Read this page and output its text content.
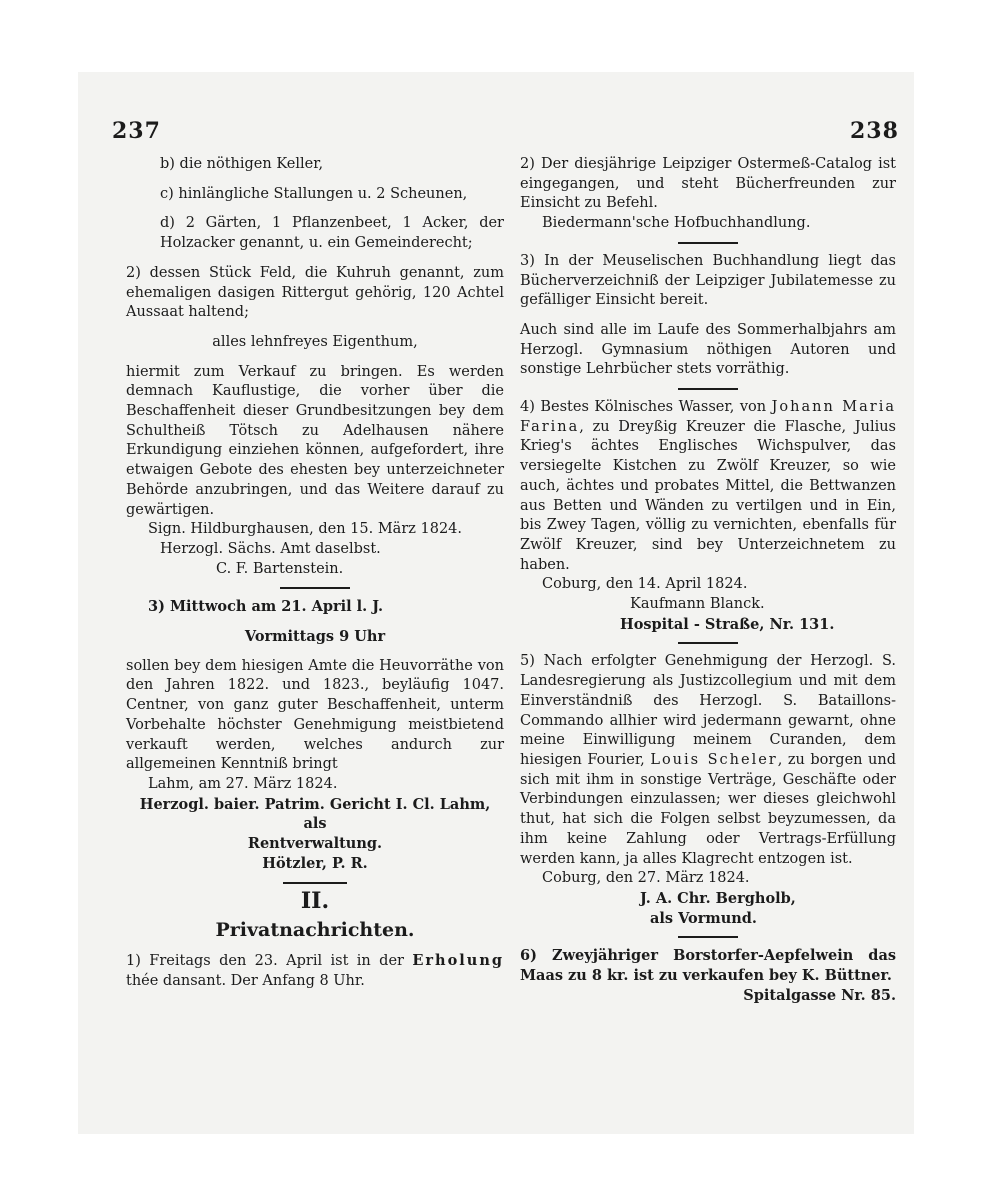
237	238

b) die nöthigen Keller,

c) hinlängliche Stallungen u. 2 Scheunen,

d) 2 Gärten, 1 Pflanzenbeet, 1 Acker, der Holzacker genannt, u. ein Gemeinderecht;

2) dessen Stück Feld, die Kuhruh genannt, zum ehemaligen dasigen Rittergut gehörig, 120 Achtel Aussaat haltend;

alles lehnfreyes Eigenthum,

hiermit zum Verkauf zu bringen. Es werden demnach Kauflustige, die vorher über die Beschaffenheit dieser Grundbesitzungen bey dem Schultheiß Tötsch zu Adelhausen nähere Erkundigung einziehen können, aufgefordert, ihre etwaigen Gebote des ehesten bey unterzeichneter Behörde anzubringen, und das Weitere darauf zu gewärtigen.

Sign. Hildburghausen, den 15. März 1824.

Herzogl. Sächs. Amt daselbst.

C. F. Bartenstein.

3) Mittwoch am 21. April l. J.

Vormittags 9 Uhr

sollen bey dem hiesigen Amte die Heuvorräthe von den Jahren 1822. und 1823., beyläufig 1047. Centner, von ganz guter Beschaffenheit, unterm Vorbehalte höchster Genehmigung meistbietend verkauft werden, welches andurch zur allgemeinen Kenntniß bringt

Lahm, am 27. März 1824.

Herzogl. baier. Patrim. Gericht I. Cl. Lahm,

als

Rentverwaltung.

Hötzler, P. R.

II.
Privatnachrichten.

1) Freitags den 23. April ist in der Erholung thée dansant. Der Anfang 8 Uhr.

2) Der diesjährige Leipziger Ostermeß-Catalog ist eingegangen, und steht Bücherfreunden zur Einsicht zu Befehl.

Biedermann'sche Hofbuchhandlung.

3) In der Meuselischen Buchhandlung liegt das Bücherverzeichniß der Leipziger Jubilatemesse zu gefälliger Einsicht bereit.

Auch sind alle im Laufe des Sommerhalbjahrs am Herzogl. Gymnasium nöthigen Autoren und sonstige Lehrbücher stets vorräthig.

4) Bestes Kölnisches Wasser, von Johann Maria Farina, zu Dreyßig Kreuzer die Flasche, Julius Krieg's ächtes Englisches Wichspulver, das versiegelte Kistchen zu Zwölf Kreuzer, so wie auch, ächtes und probates Mittel, die Bettwanzen aus Betten und Wänden zu vertilgen und in Ein, bis Zwey Tagen, völlig zu vernichten, ebenfalls für Zwölf Kreuzer, sind bey Unterzeichnetem zu haben.

Coburg, den 14. April 1824.

Kaufmann Blanck.

Hospital - Straße, Nr. 131.

5) Nach erfolgter Genehmigung der Herzogl. S. Landesregierung als Justizcollegium und mit dem Einverständniß des Herzogl. S. Bataillons-Commando allhier wird jedermann gewarnt, ohne meine Einwilligung meinem Curanden, dem hiesigen Fourier, Louis Scheler, zu borgen und sich mit ihm in sonstige Verträge, Geschäfte oder Verbindungen einzulassen; wer dieses gleichwohl thut, hat sich die Folgen selbst beyzumessen, da ihm keine Zahlung oder Vertrags-Erfüllung werden kann, ja alles Klagrecht entzogen ist.

Coburg, den 27. März 1824.

J. A. Chr. Bergholb,

als Vormund.

6) Zweyjähriger Borstorfer-Aepfelwein das Maas zu 8 kr. ist zu verkaufen bey K. Büttner.

Spitalgasse Nr. 85.
